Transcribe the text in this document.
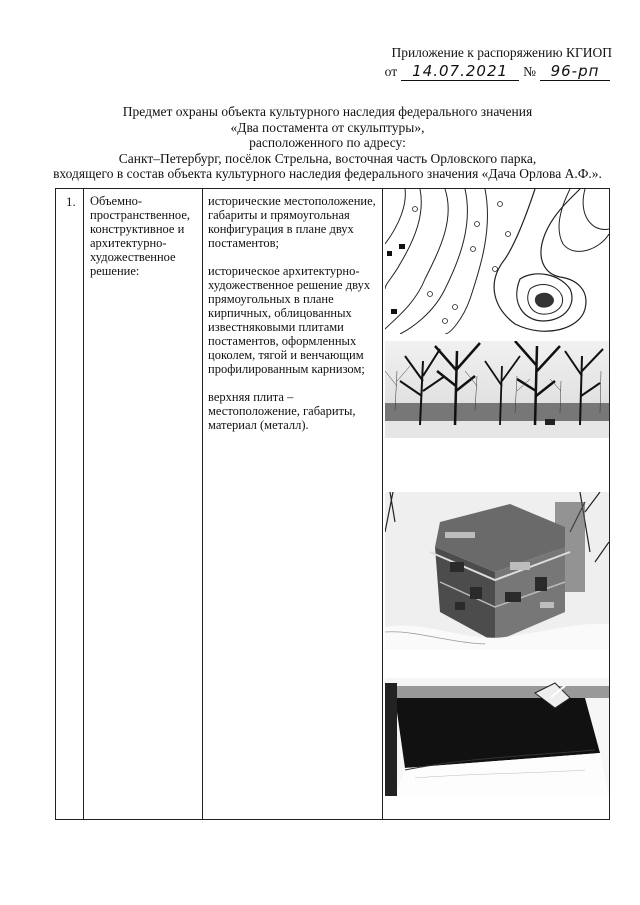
Приложение к распоряжению КГИОП
от	14.07.2021	№ 96-рп
Предмет охраны объекта культурного наследия федерального значения
«Два постамента от скульптуры»,
расположенного по адресу:
Санкт–Петербург, посёлок Стрельна, восточная часть Орловского парка,
входящего в состав объекта культурного наследия федерального значения «Дача Орлова А.Ф.».
1. Объемно-пространственное, конструктивное и архитектурно-художественное решение:

исторические местоположение, габариты и прямоугольная конфигурация в плане двух постаментов;

историческое архитектурно-художественное решение двух прямоугольных в плане кирпичных, облицованных известняковыми плитами постаментов, оформленных цоколем, тягой и венчающим профилированным карнизом;

верхняя плита – местоположение, габариты, материал (металл).
